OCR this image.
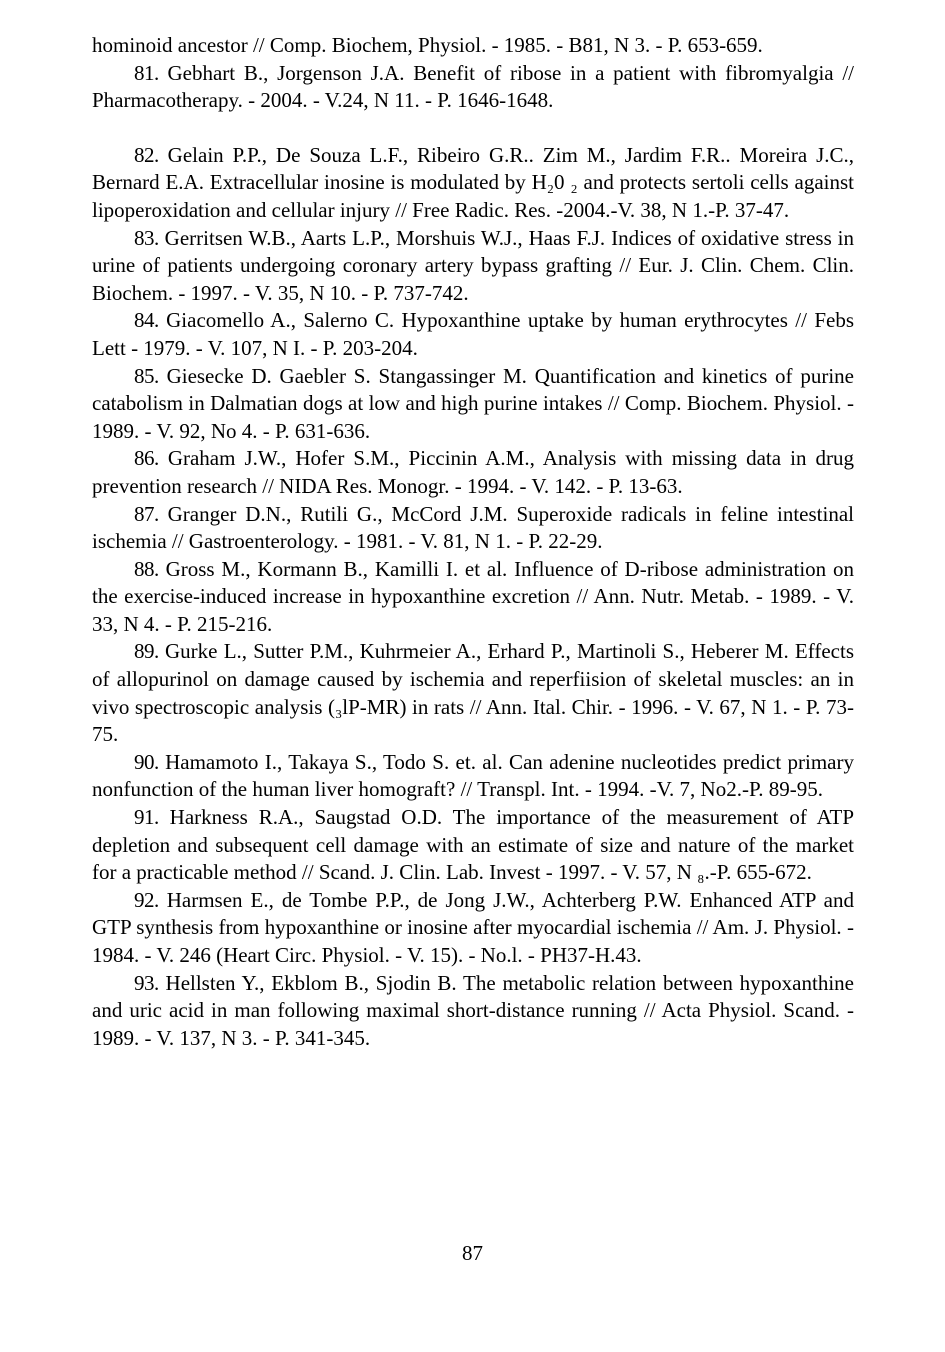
hominoid ancestor // Comp. Biochem, Physiol. - 1985. - B81, N 3. - P. 653-659.

81. Gebhart B., Jorgenson J.A. Benefit of ribose in a patient with fibromyalgia // Pharmacotherapy. - 2004. - V.24, N 11. - P. 1646-1648.

82. Gelain P.P., De Souza L.F., Ribeiro G.R.. Zim M., Jardim F.R.. Moreira J.C., Bernard E.A. Extracellular inosine is modulated by H₂0 ₂ and protects sertoli cells against lipoperoxidation and cellular injury // Free Radic. Res. -2004.-V. 38, N 1.-P. 37-47.

83. Gerritsen W.B., Aarts L.P., Morshuis W.J., Haas F.J. Indices of oxidative stress in urine of patients undergoing coronary artery bypass grafting // Eur. J. Clin. Chem. Clin. Biochem. - 1997. - V. 35, N 10. - P. 737-742.

84. Giacomello A., Salerno C. Hypoxanthine uptake by human erythrocytes // Febs Lett - 1979. - V. 107, N I. - P. 203-204.

85. Giesecke D. Gaebler S. Stangassinger M. Quantification and kinetics of purine catabolism in Dalmatian dogs at low and high purine intakes // Comp. Biochem. Physiol. - 1989. - V. 92, No 4. - P. 631-636.

86. Graham J.W., Hofer S.M., Piccinin A.M., Analysis with missing data in drug prevention research // NIDA Res. Monogr. - 1994. - V. 142. - P. 13-63.

87. Granger D.N., Rutili G., McCord J.M. Superoxide radicals in feline intestinal ischemia // Gastroenterology. - 1981. - V. 81, N 1. - P. 22-29.

88. Gross M., Kormann B., Kamilli I. et al. Influence of D-ribose administration on the exercise-induced increase in hypoxanthine excretion // Ann. Nutr. Metab. - 1989. - V. 33, N 4. - P. 215-216.

89. Gurke L., Sutter P.M., Kuhrmeier A., Erhard P., Martinoli S., Heberer M. Effects of allopurinol on damage caused by ischemia and reperfiision of skeletal muscles: an in vivo spectroscopic analysis (₃lP-MR) in rats // Ann. Ital. Chir. - 1996. - V. 67, N 1. - P. 73-75.

90. Hamamoto I., Takaya S., Todo S. et. al. Can adenine nucleotides predict primary nonfunction of the human liver homograft? // Transpl. Int. - 1994. -V. 7, No2.-P. 89-95.

91. Harkness R.A., Saugstad O.D. The importance of the measurement of ATP depletion and subsequent cell damage with an estimate of size and nature of the market for a practicable method // Scand. J. Clin. Lab. Invest - 1997. - V. 57, N ₈.-P. 655-672.

92. Harmsen E., de Tombe P.P., de Jong J.W., Achterberg P.W. Enhanced ATP and GTP synthesis from hypoxanthine or inosine after myocardial ischemia // Am. J. Physiol. - 1984. - V. 246 (Heart Circ. Physiol. - V. 15). - No.l. - PH37-H.43.

93. Hellsten Y., Ekblom B., Sjodin B. The metabolic relation between hypoxanthine and uric acid in man following maximal short-distance running // Acta Physiol. Scand. - 1989. - V. 137, N 3. - P. 341-345.

87
